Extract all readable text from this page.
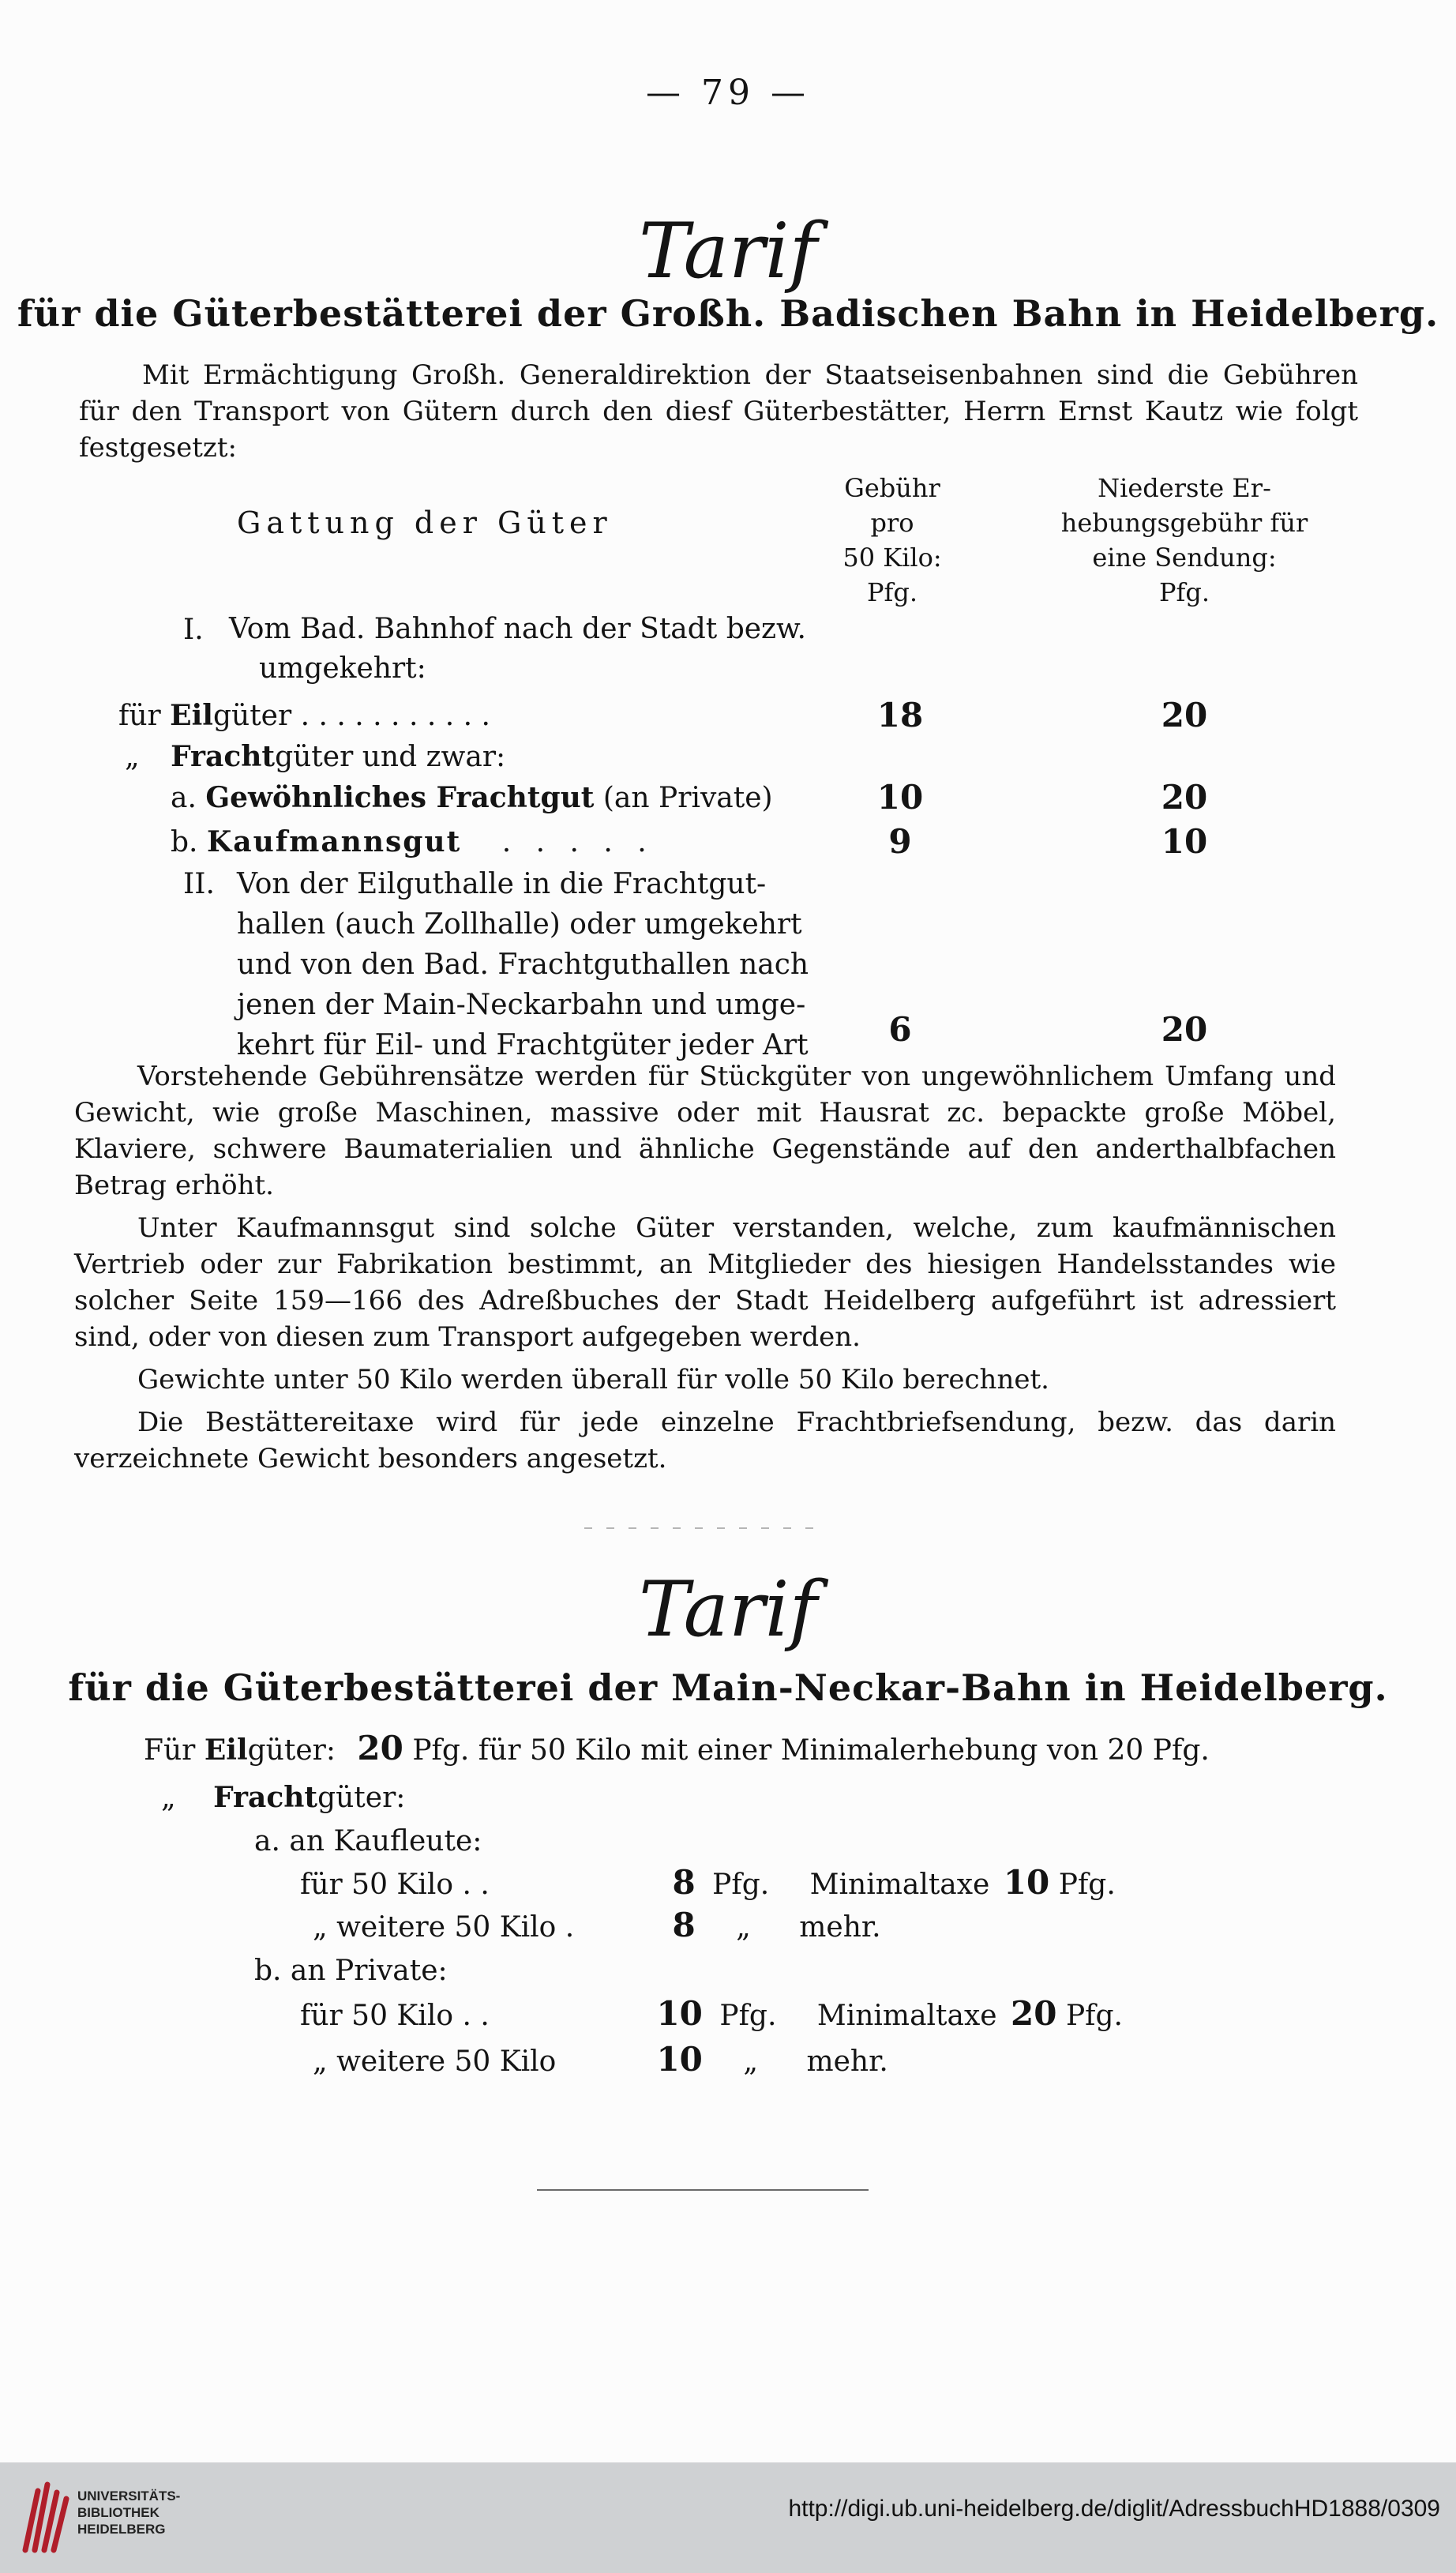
— 79 —
Tarif
für die Güterbestätterei der Großh. Badischen Bahn in Heidelberg.

Mit Ermächtigung Großh. Generaldirektion der Staatseisenbahnen sind die Gebühren für den Transport von Gütern durch den diesf Güterbestätter, Herrn Ernst Kautz wie folgt festgesetzt:

Gattung der Güter
Gebühr
pro
50 Kilo:
Pfg.
Niederste Er-
hebungsgebühr für
eine Sendung:
Pfg.
I. Vom Bad. Bahnhof nach der Stadt bezw.
umgekehrt:
für Eilgüter . . . . . . . . . . .	18	20
„ Frachtgüter und zwar:
a. Gewöhnliches Frachtgut (an Private)	10	20
b. Kaufmannsgut . . . . .	9	10
II. Von der Eilguthalle in die Frachtgut-
hallen (auch Zollhalle) oder umgekehrt
und von den Bad. Frachtguthallen nach
jenen der Main-Neckarbahn und umge-
kehrt für Eil- und Frachtgüter jeder Art	6	20

Vorstehende Gebührensätze werden für Stückgüter von ungewöhnlichem Umfang und Gewicht, wie große Maschinen, massive oder mit Hausrat zc. bepackte große Möbel, Klaviere, schwere Baumaterialien und ähnliche Gegenstände auf den anderthalbfachen Betrag erhöht.

Unter Kaufmannsgut sind solche Güter verstanden, welche, zum kaufmännischen Vertrieb oder zur Fabrikation bestimmt, an Mitglieder des hiesigen Handelsstandes wie solcher Seite 159—166 des Adreßbuches der Stadt Heidelberg aufgeführt ist adressiert sind, oder von diesen zum Transport aufgegeben werden.

Gewichte unter 50 Kilo werden überall für volle 50 Kilo berechnet.

Die Bestättereitaxe wird für jede einzelne Frachtbriefsendung, bezw. das darin verzeichnete Gewicht besonders angesetzt.

Tarif
für die Güterbestätterei der Main-Neckar-Bahn in Heidelberg.
Für Eilgüter: 20 Pfg. für 50 Kilo mit einer Minimalerhebung von 20 Pfg.
„ Frachtgüter:
a. an Kaufleute:
für 50 Kilo . .	8 Pfg. Minimaltaxe 10 Pfg.
„ weitere 50 Kilo .	8 „ mehr.
b. an Private:
für 50 Kilo . .	10 Pfg. Minimaltaxe 20 Pfg.
„ weitere 50 Kilo	10 „ mehr.
UNIVERSITÄTS-
BIBLIOTHEK
HEIDELBERG
http://digi.ub.uni-heidelberg.de/diglit/AdressbuchHD1888/0309
